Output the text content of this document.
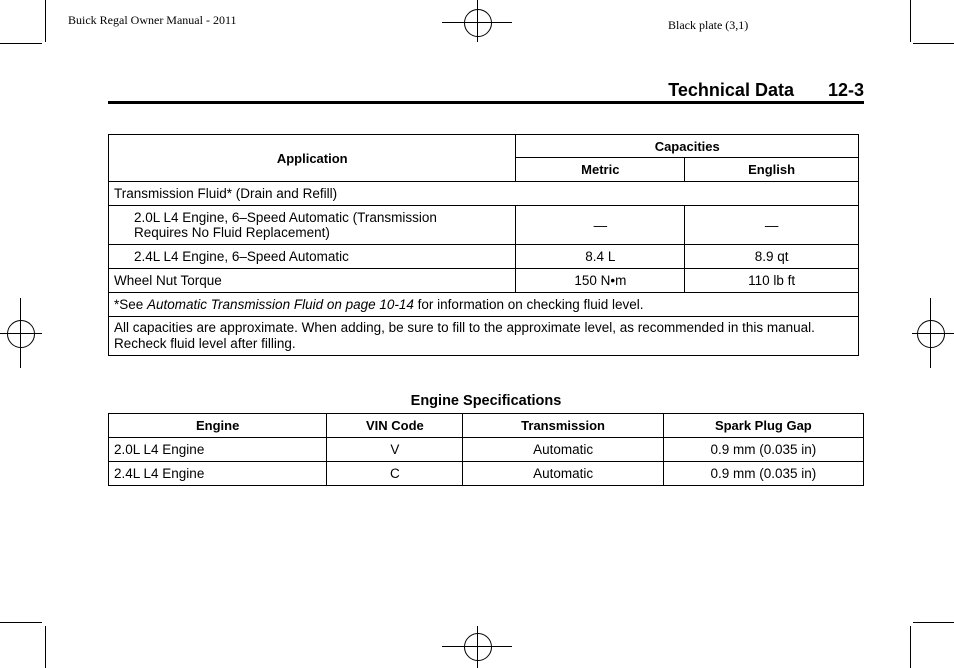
Buick Regal Owner Manual - 2011	Black plate (3,1)
Technical Data 12-3
Application	Capacities	
	Metric	English
Transmission Fluid* (Drain and Refill)		

2.0L L4 Engine, 6–Speed Automatic (Transmission
Requires No Fluid Replacement)	—	—
2.4L L4 Engine, 6–Speed Automatic	8.4 L	8.9 qt
Wheel Nut Torque	150 N•m	110 lb ft
*See Automatic Transmission Fluid on page 10-14 for information on checking fluid level.		
All capacities are approximate. When adding, be sure to fill to the approximate level, as recommended in this manual. Recheck fluid level after filling.		
Engine Specifications
Engine	VIN Code	Transmission	Spark Plug Gap
2.0L L4 Engine	V	Automatic	0.9 mm (0.035 in)
2.4L L4 Engine	C	Automatic	0.9 mm (0.035 in)
